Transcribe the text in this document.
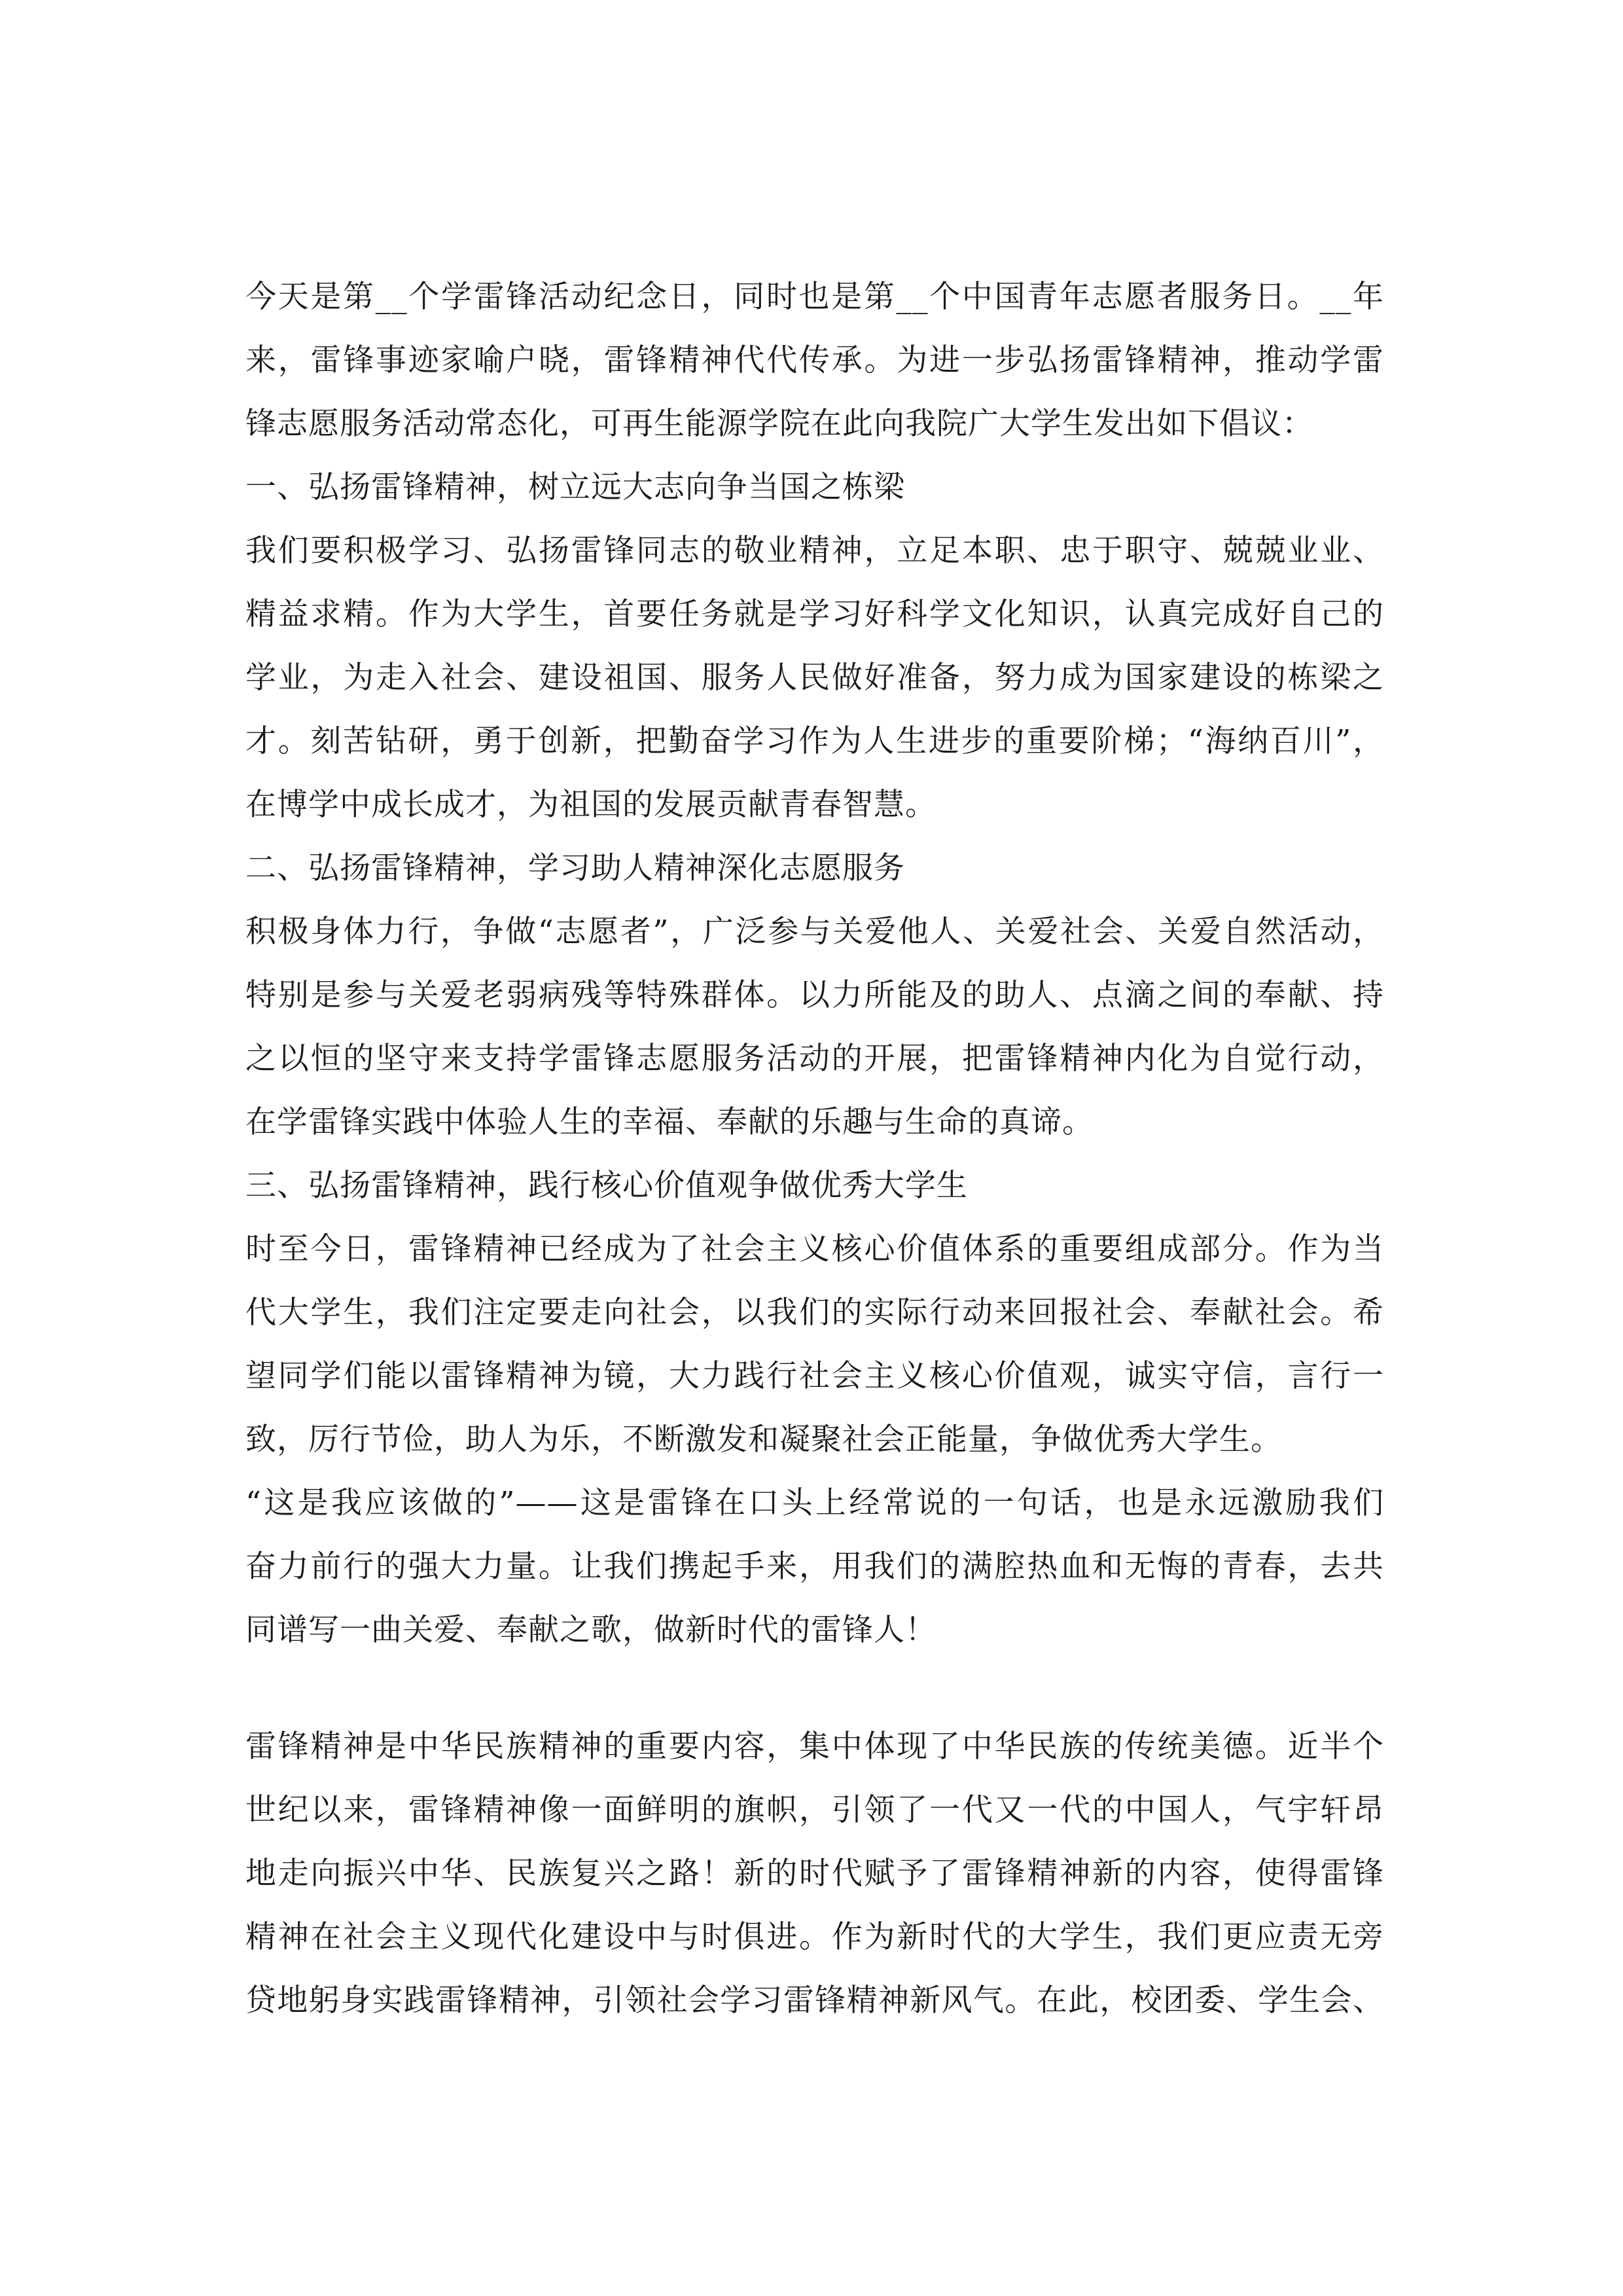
今天是第__个学雷锋活动纪念日，同时也是第__个中国青年志愿者服务日。__年
来，雷锋事迹家喻户晓，雷锋精神代代传承。为进一步弘扬雷锋精神，推动学雷
锋志愿服务活动常态化，可再生能源学院在此向我院广大学生发出如下倡议：
一、弘扬雷锋精神，树立远大志向争当国之栋梁
我们要积极学习、弘扬雷锋同志的敬业精神，立足本职、忠于职守、兢兢业业、
精益求精。作为大学生，首要任务就是学习好科学文化知识，认真完成好自己的
学业，为走入社会、建设祖国、服务人民做好准备，努力成为国家建设的栋梁之
才。刻苦钻研，勇于创新，把勤奋学习作为人生进步的重要阶梯；“海纳百川”，
在博学中成长成才，为祖国的发展贡献青春智慧。
二、弘扬雷锋精神，学习助人精神深化志愿服务
积极身体力行，争做“志愿者”，广泛参与关爱他人、关爱社会、关爱自然活动，
特别是参与关爱老弱病残等特殊群体。以力所能及的助人、点滴之间的奉献、持
之以恒的坚守来支持学雷锋志愿服务活动的开展，把雷锋精神内化为自觉行动，
在学雷锋实践中体验人生的幸福、奉献的乐趣与生命的真谛。
三、弘扬雷锋精神，践行核心价值观争做优秀大学生
时至今日，雷锋精神已经成为了社会主义核心价值体系的重要组成部分。作为当
代大学生，我们注定要走向社会，以我们的实际行动来回报社会、奉献社会。希
望同学们能以雷锋精神为镜，大力践行社会主义核心价值观，诚实守信，言行一
致，厉行节俭，助人为乐，不断激发和凝聚社会正能量，争做优秀大学生。
“这是我应该做的”——这是雷锋在口头上经常说的一句话，也是永远激励我们
奋力前行的强大力量。让我们携起手来，用我们的满腔热血和无悔的青春，去共
同谱写一曲关爱、奉献之歌，做新时代的雷锋人！
雷锋精神是中华民族精神的重要内容，集中体现了中华民族的传统美德。近半个
世纪以来，雷锋精神像一面鲜明的旗帜，引领了一代又一代的中国人，气宇轩昂
地走向振兴中华、民族复兴之路！新的时代赋予了雷锋精神新的内容，使得雷锋
精神在社会主义现代化建设中与时俱进。作为新时代的大学生，我们更应责无旁
贷地躬身实践雷锋精神，引领社会学习雷锋精神新风气。在此，校团委、学生会、
